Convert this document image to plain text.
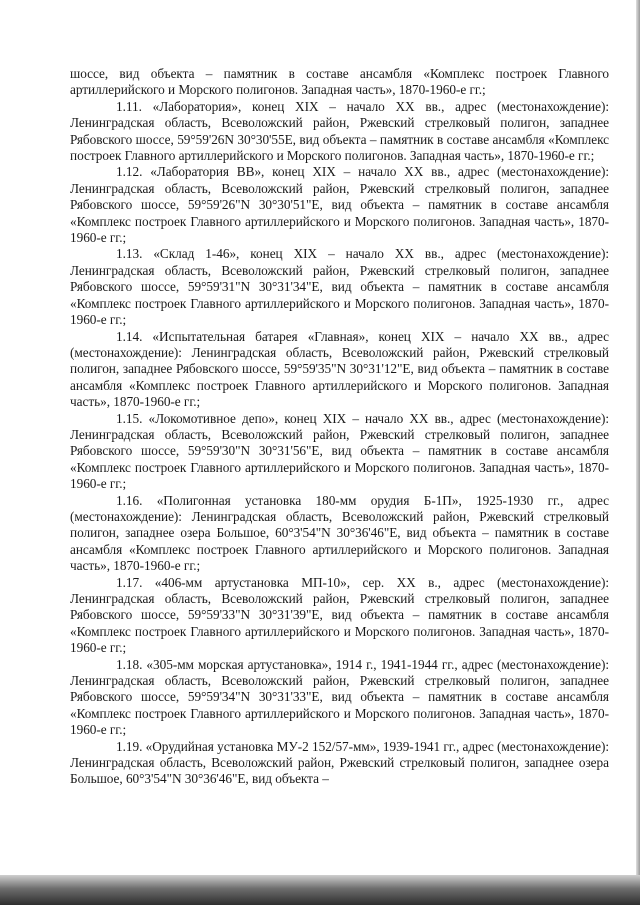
шоссе, вид объекта – памятник в составе ансамбля «Комплекс построек Главного артиллерийского и Морского полигонов. Западная часть», 1870-1960-е гг.;

1.11. «Лаборатория», конец XIX – начало XX вв., адрес (местонахождение): Ленинградская область, Всеволожский район, Ржевский стрелковый полигон, западнее Рябовского шоссе, 59°59'26N 30°30'55E, вид объекта – памятник в составе ансамбля «Комплекс построек Главного артиллерийского и Морского полигонов. Западная часть», 1870-1960-е гг.;

1.12. «Лаборатория ВВ», конец XIX – начало XX вв., адрес (местонахождение): Ленинградская область, Всеволожский район, Ржевский стрелковый полигон, западнее Рябовского шоссе, 59°59'26"N 30°30'51"E, вид объекта – памятник в составе ансамбля «Комплекс построек Главного артиллерийского и Морского полигонов. Западная часть», 1870-1960-е гг.;

1.13. «Склад 1-46», конец XIX – начало XX вв., адрес (местонахождение): Ленинградская область, Всеволожский район, Ржевский стрелковый полигон, западнее Рябовского шоссе, 59°59'31"N 30°31'34"E, вид объекта – памятник в составе ансамбля «Комплекс построек Главного артиллерийского и Морского полигонов. Западная часть», 1870-1960-е гг.;

1.14. «Испытательная батарея «Главная», конец XIX – начало XX вв., адрес (местонахождение): Ленинградская область, Всеволожский район, Ржевский стрелковый полигон, западнее Рябовского шоссе, 59°59'35"N 30°31'12"E, вид объекта – памятник в составе ансамбля «Комплекс построек Главного артиллерийского и Морского полигонов. Западная часть», 1870-1960-е гг.;

1.15. «Локомотивное депо», конец XIX – начало XX вв., адрес (местонахождение): Ленинградская область, Всеволожский район, Ржевский стрелковый полигон, западнее Рябовского шоссе, 59°59'30"N 30°31'56"E, вид объекта – памятник в составе ансамбля «Комплекс построек Главного артиллерийского и Морского полигонов. Западная часть», 1870-1960-е гг.;

1.16. «Полигонная установка 180-мм орудия Б-1П», 1925-1930 гг., адрес (местонахождение): Ленинградская область, Всеволожский район, Ржевский стрелковый полигон, западнее озера Большое, 60°3'54"N 30°36'46"E, вид объекта – памятник в составе ансамбля «Комплекс построек Главного артиллерийского и Морского полигонов. Западная часть», 1870-1960-е гг.;

1.17. «406-мм артустановка МП-10», сер. XX в., адрес (местонахождение): Ленинградская область, Всеволожский район, Ржевский стрелковый полигон, западнее Рябовского шоссе, 59°59'33"N 30°31'39"E, вид объекта – памятник в составе ансамбля «Комплекс построек Главного артиллерийского и Морского полигонов. Западная часть», 1870-1960-е гг.;

1.18. «305-мм морская артустановка», 1914 г., 1941-1944 гг., адрес (местонахождение): Ленинградская область, Всеволожский район, Ржевский стрелковый полигон, западнее Рябовского шоссе, 59°59'34"N 30°31'33"E, вид объекта – памятник в составе ансамбля «Комплекс построек Главного артиллерийского и Морского полигонов. Западная часть», 1870-1960-е гг.;

1.19. «Орудийная установка МУ-2 152/57-мм», 1939-1941 гг., адрес (местонахождение): Ленинградская область, Всеволожский район, Ржевский стрелковый полигон, западнее озера Большое, 60°3'54"N 30°36'46"E, вид объекта –
